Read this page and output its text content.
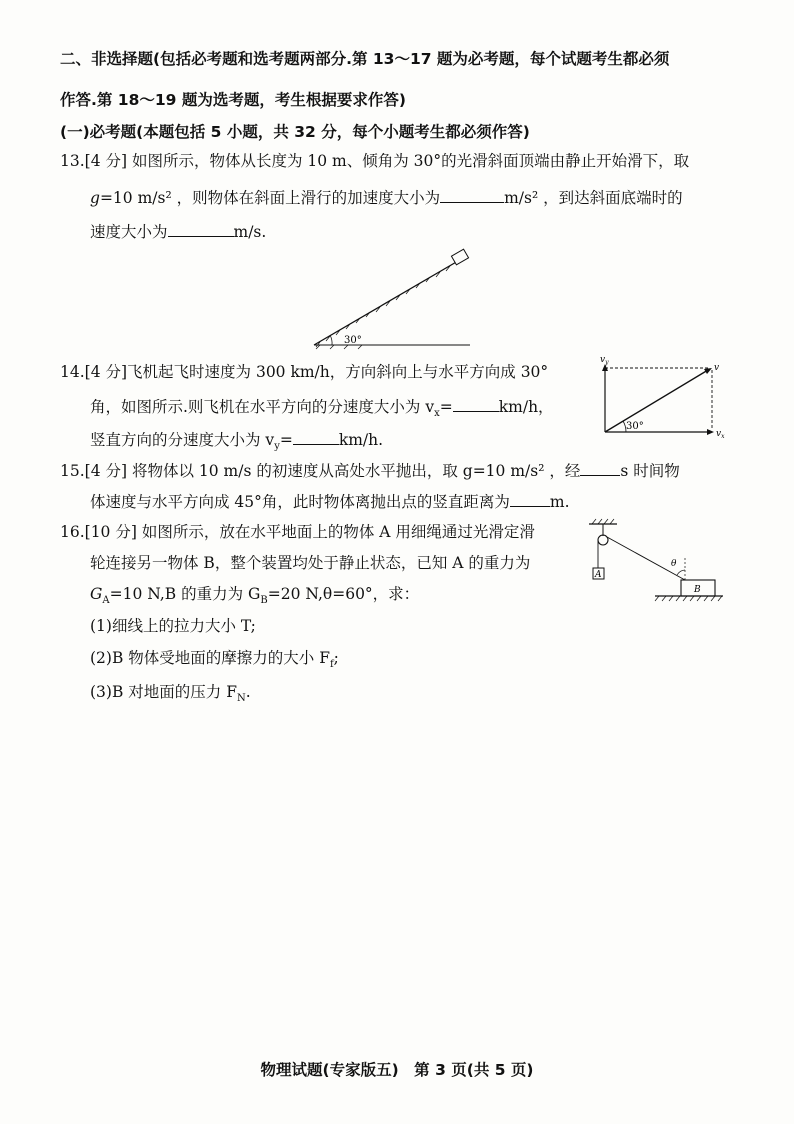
二、非选择题(包括必考题和选考题两部分.第 13～17 题为必考题，每个试题考生都必须
作答.第 18～19 题为选考题，考生根据要求作答)
(一)必考题(本题包括 5 小题，共 32 分，每个小题考生都必须作答)
13.[4 分] 如图所示，物体从长度为 10 m、倾角为 30°的光滑斜面顶端由静止开始滑下，取
g=10 m/s² ，则物体在斜面上滑行的加速度大小为	m/s² ，到达斜面底端时的
速度大小为	m/s.
30°
14.[4 分]飞机起飞时速度为 300 km/h，方向斜向上与水平方向成 30°
角，如图所示.则飞机在水平方向的分速度大小为 $v_x=$	km/h，
竖直方向的分速度大小为 $v_y=$	km/h.
30°
$v_y$
v
$v_x$
15.[4 分] 将物体以 10 m/s 的初速度从高处水平抛出，取 g=10 m/s² ，经	s 时间物
体速度与水平方向成 45°角，此时物体离抛出点的竖直距离为	m.
16.[10 分] 如图所示，放在水平地面上的物体 A 用细绳通过光滑定滑
轮连接另一物体 B，整个装置均处于静止状态，已知 A 的重力为
$G_A=10$ N,B 的重力为 $G_B=20$ N,θ=60°，求：
(1)细线上的拉力大小 T;
(2)B 物体受地面的摩擦力的大小 $F_f$;
(3)B 对地面的压力 $F_N$.
A
θ
B
物理试题(专家版五)　第 3 页(共 5 页)
